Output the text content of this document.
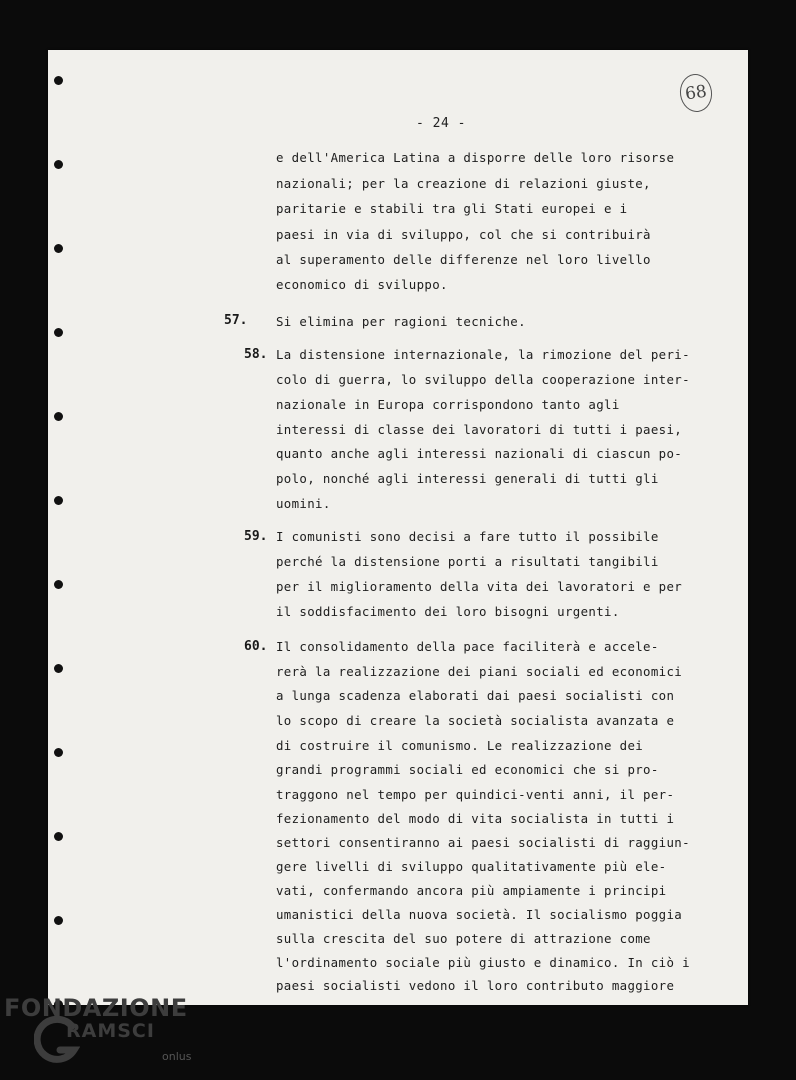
68
- 24 -
e dell'America Latina a disporre delle loro risorse
nazionali; per la creazione di relazioni giuste,
paritarie e stabili tra gli Stati europei e i
paesi in via di sviluppo, col che si contribuirà
al superamento delle differenze nel loro livello
economico di sviluppo.
57. Si elimina per ragioni tecniche.
58. La distensione internazionale, la rimozione del peri-
colo di guerra, lo sviluppo della cooperazione inter-
nazionale in Europa corrispondono tanto agli
interessi di classe dei lavoratori di tutti i paesi,
quanto anche agli interessi nazionali di ciascun po-
polo, nonché agli interessi generali di tutti gli
uomini.
59. I comunisti sono decisi a fare tutto il possibile
perché la distensione porti a risultati tangibili
per il miglioramento della vita dei lavoratori e per
il soddisfacimento dei loro bisogni urgenti.
60. Il consolidamento della pace faciliterà e accele-
rerà la realizzazione dei piani sociali ed economici
a lunga scadenza elaborati dai paesi socialisti con
lo scopo di creare la società socialista avanzata e
di costruire il comunismo. Le realizzazione dei
grandi programmi sociali ed economici che si pro-
traggono nel tempo per quindici-venti anni, il per-
fezionamento del modo di vita socialista in tutti i
settori consentiranno ai paesi socialisti di raggiun-
gere livelli di sviluppo qualitativamente più ele-
vati, confermando ancora più ampiamente i principi
umanistici della nuova società. Il socialismo poggia
sulla crescita del suo potere di attrazione come
l'ordinamento sociale più giusto e dinamico. In ciò i
paesi socialisti vedono il loro contributo maggiore
FONDAZIONE
RAMSCI
onlus
